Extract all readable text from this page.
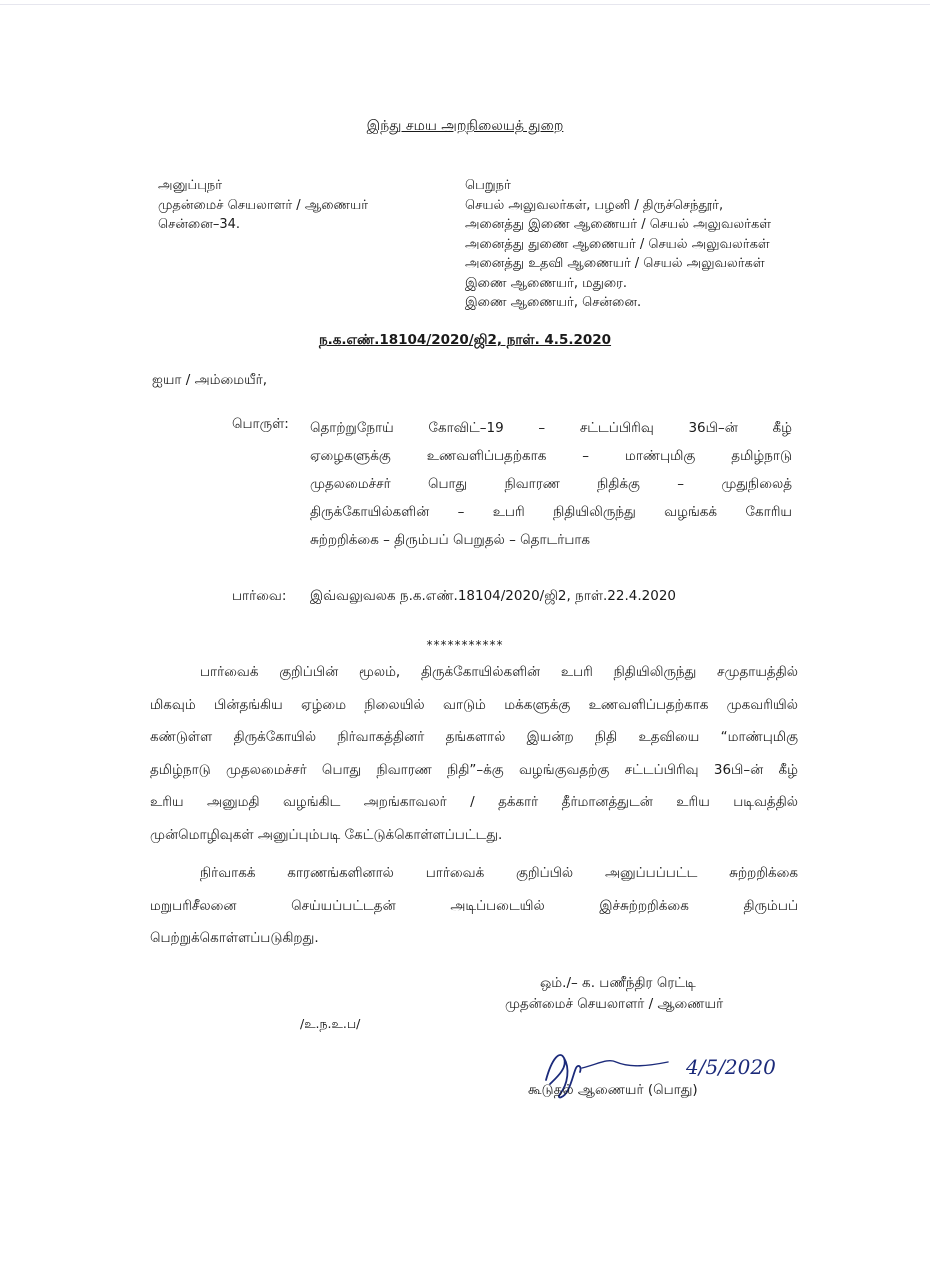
இந்து சமய அறநிலையத் துறை
அனுப்புநர்
முதன்மைச் செயலாளர் / ஆணையர்
சென்னை–34.
பெறுநர்
செயல் அலுவலர்கள், பழனி / திருச்செந்தூர்,
அனைத்து இணை ஆணையர் / செயல் அலுவலர்கள்
அனைத்து துணை ஆணையர் / செயல் அலுவலர்கள்
அனைத்து உதவி ஆணையர் / செயல் அலுவலர்கள்
இணை ஆணையர், மதுரை.
இணை ஆணையர், சென்னை.
ந.க.எண்.18104/2020/ஜி2, நாள். 4.5.2020
ஐயா / அம்மையீர்,
பொருள்: தொற்றுநோய் கோவிட்–19 – சட்டப்பிரிவு 36பி–ன் கீழ்
ஏழைகளுக்கு உணவளிப்பதற்காக – மாண்புமிகு தமிழ்நாடு
முதலமைச்சர் பொது நிவாரண நிதிக்கு – முதுநிலைத்
திருக்கோயில்களின் – உபரி நிதியிலிருந்து வழங்கக் கோரிய
சுற்றறிக்கை – திரும்பப் பெறுதல் – தொடர்பாக
பார்வை: இவ்வலுவலக ந.க.எண்.18104/2020/ஜி2, நாள்.22.4.2020
***********
பார்வைக் குறிப்பின் மூலம், திருக்கோயில்களின் உபரி நிதியிலிருந்து சமுதாயத்தில்
மிகவும் பின்தங்கிய ஏழ்மை நிலையில் வாடும் மக்களுக்கு உணவளிப்பதற்காக முகவரியில்
கண்டுள்ள திருக்கோயில் நிர்வாகத்தினர் தங்களால் இயன்ற நிதி உதவியை “மாண்புமிகு
தமிழ்நாடு முதலமைச்சர் பொது நிவாரண நிதி”–க்கு வழங்குவதற்கு சட்டப்பிரிவு 36பி–ன் கீழ்
உரிய அனுமதி வழங்கிட அறங்காவலர் / தக்கார் தீர்மானத்துடன் உரிய படிவத்தில்
முன்மொழிவுகள் அனுப்பும்படி கேட்டுக்கொள்ளப்பட்டது.
நிர்வாகக் காரணங்களினால் பார்வைக் குறிப்பில் அனுப்பப்பட்ட சுற்றறிக்கை
மறுபரிசீலனை செய்யப்பட்டதன் அடிப்படையில் இச்சுற்றறிக்கை திரும்பப்
பெற்றுக்கொள்ளப்படுகிறது.
ஒம்./– க. பணீந்திர ரெட்டி
முதன்மைச் செயலாளர் / ஆணையர்
/உ.ந.உ.ப/
4/5/2020
கூடுதல் ஆணையர் (பொது)
